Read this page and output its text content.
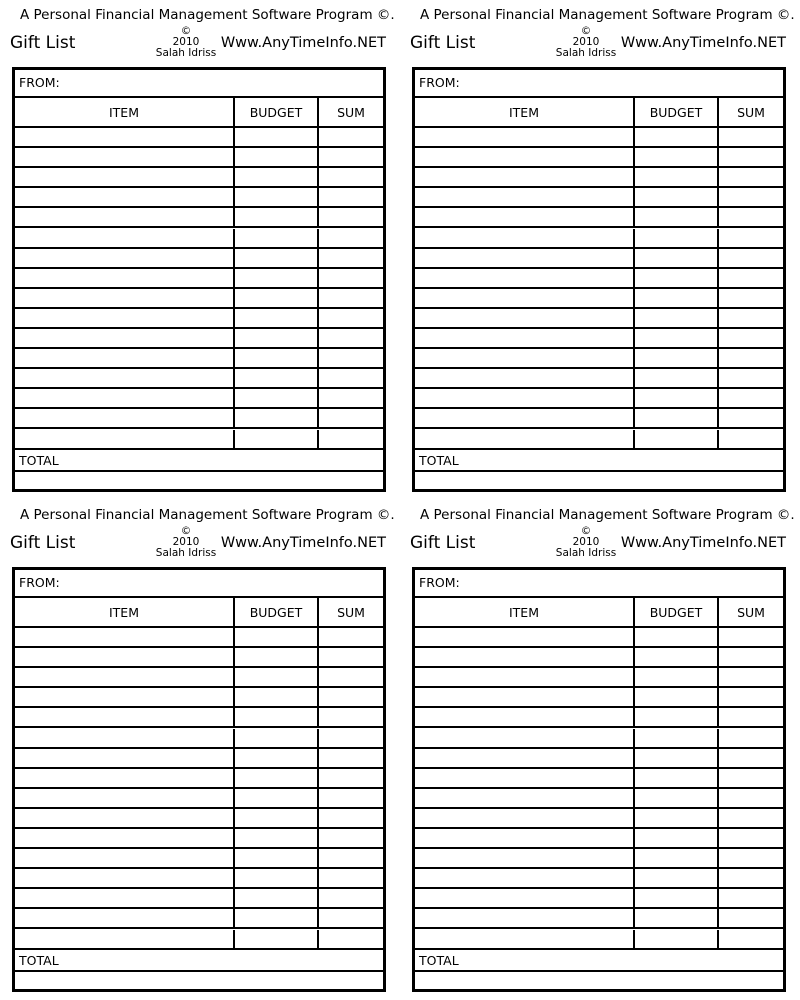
A Personal Financial Management Software Program ©.
Gift List
©
2010
Salah Idriss
Www.AnyTimeInfo.NET
FROM:
ITEM	BUDGET	SUM
TOTAL
A Personal Financial Management Software Program ©.
Gift List
©
2010
Salah Idriss
Www.AnyTimeInfo.NET
FROM:
ITEM	BUDGET	SUM
TOTAL
A Personal Financial Management Software Program ©.
Gift List
©
2010
Salah Idriss
Www.AnyTimeInfo.NET
FROM:
ITEM	BUDGET	SUM
TOTAL
A Personal Financial Management Software Program ©.
Gift List
©
2010
Salah Idriss
Www.AnyTimeInfo.NET
FROM:
ITEM	BUDGET	SUM
TOTAL
